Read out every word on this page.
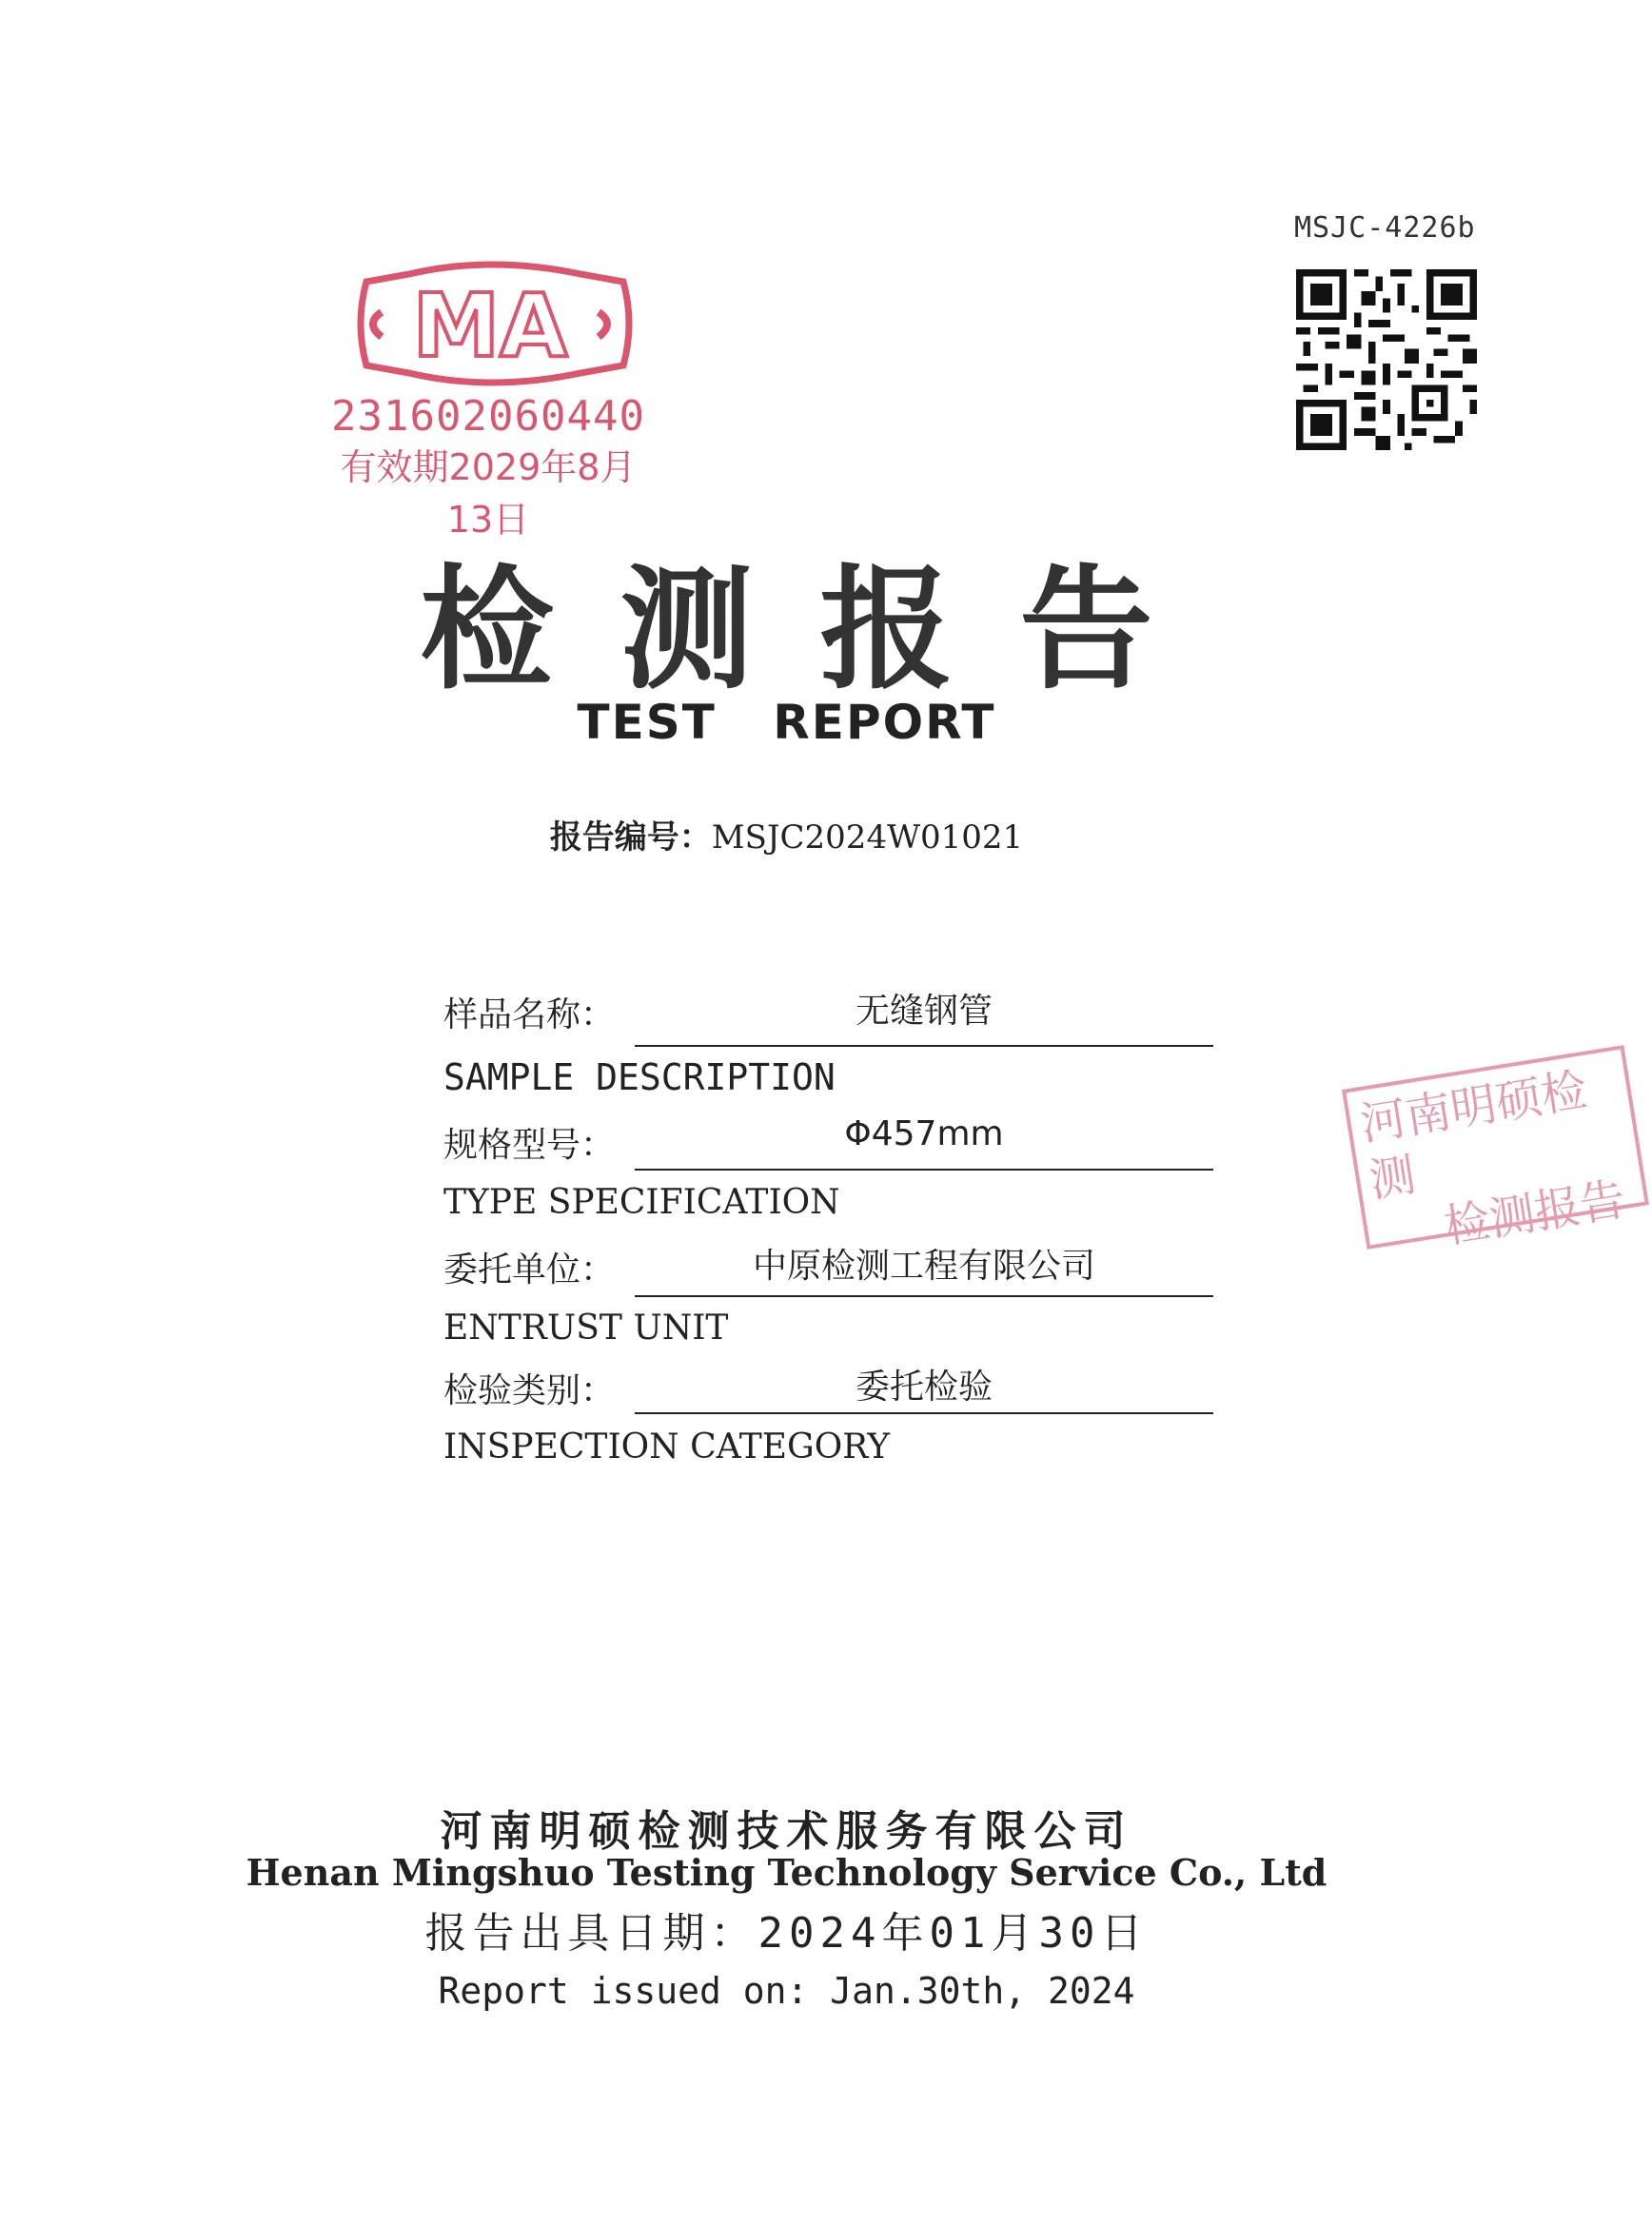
MSJC-4226b
MA
231602060440
有效期2029年8月13日
检测报告
TEST REPORT
报告编号：MSJC2024W01021
样品名称：	无缝钢管
SAMPLE DESCRIPTION
规格型号：	Φ457mm
TYPE SPECIFICATION
委托单位：	中原检测工程有限公司
ENTRUST UNIT
检验类别：	委托检验
INSPECTION CATEGORY
河南明硕检测 检测报告
河南明硕检测技术服务有限公司
Henan Mingshuo Testing Technology Service Co., Ltd
报告出具日期：2024年01月30日
Report issued on: Jan.30th, 2024
